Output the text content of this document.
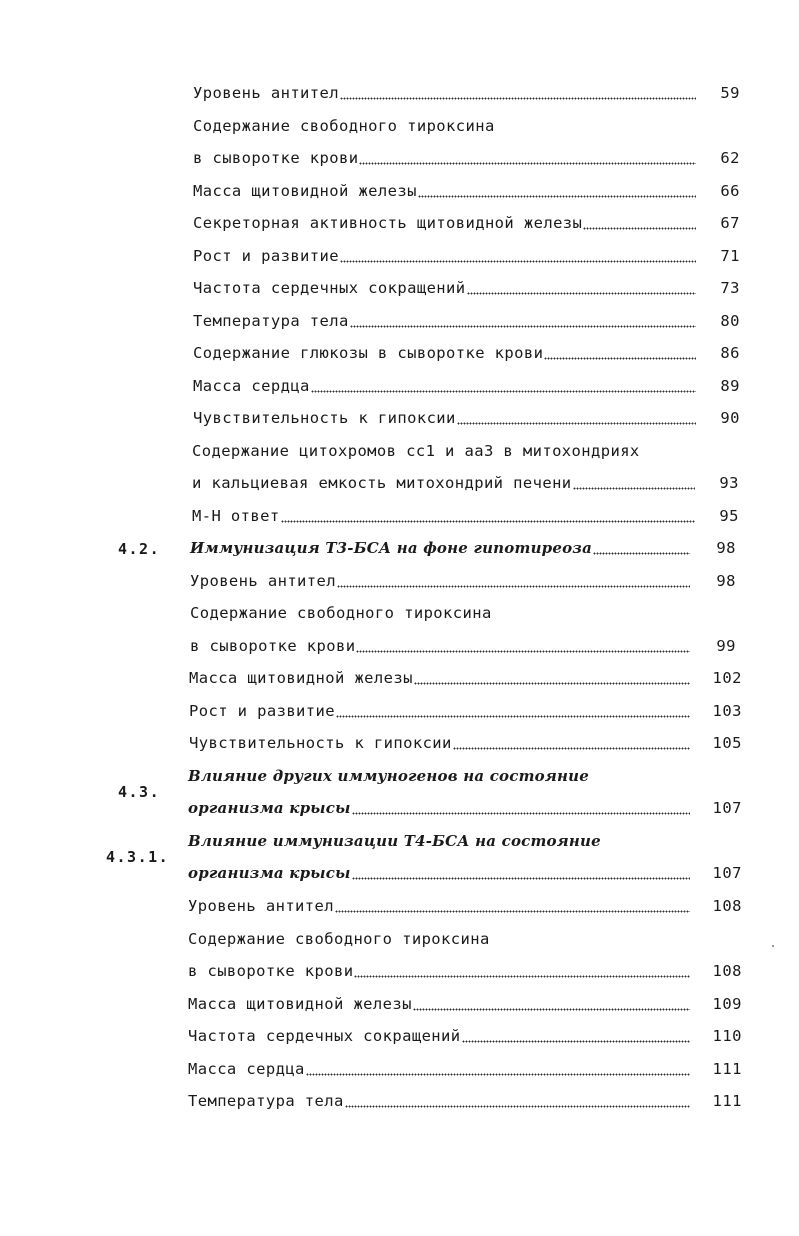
Уровень антител	59
Содержание свободного тироксина
в сыворотке крови	62
Масса щитовидной железы	66
Секреторная активность щитовидной железы	67
Рост и развитие	71
Частота сердечных сокращений	73
Температура тела	80
Содержание глюкозы в сыворотке крови	86
Масса сердца	89
Чувствительность к гипоксии	90
Содержание цитохромов сс1 и аа3 в митохондриях
и кальциевая емкость митохондрий печени	93
М-Н ответ	95
4.2. Иммунизация Т3-БСА на фоне гипотиреоза	98
Уровень антител	98
Содержание свободного тироксина
в сыворотке крови	99
Масса щитовидной железы	102
Рост и развитие	103
Чувствительность к гипоксии	105
4.3.
Влияние других иммуногенов на состояние
организма крысы	107
4.3.1.
Влияние иммунизации Т4-БСА на состояние
организма крысы	107
Уровень антител	108
Содержание свободного тироксина
в сыворотке крови	108
Масса щитовидной железы	109
Частота сердечных сокращений	110
Масса сердца	111
Температура тела	111
